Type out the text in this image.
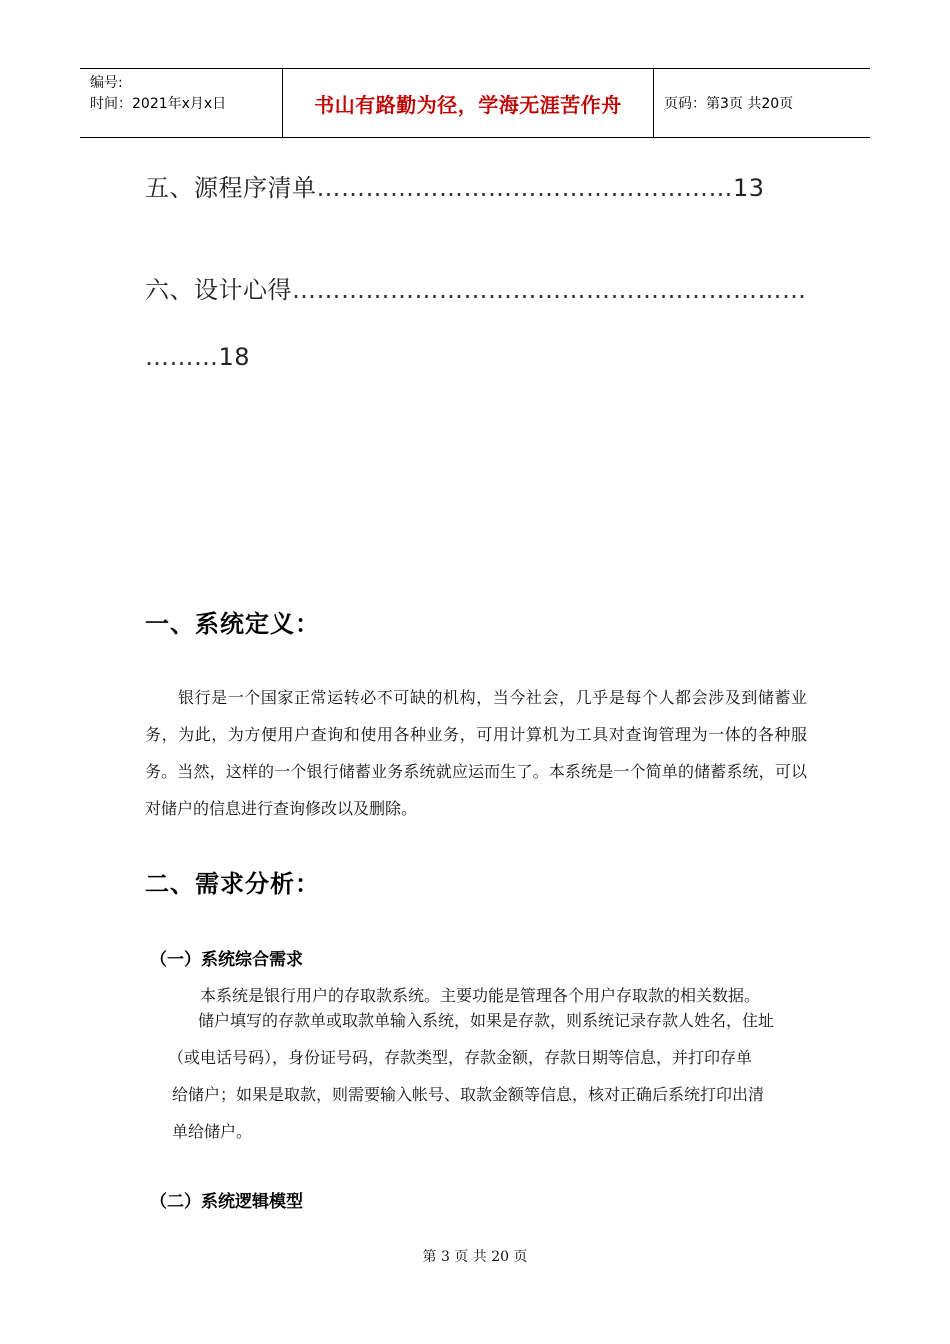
编号:
时间：2021年x月x日	书山有路勤为径，学海无涯苦作舟	页码：第3页 共20页
五、源程序清单……………………………………………13
六、设计心得………………………………………………………
………18
一、系统定义：
银行是一个国家正常运转必不可缺的机构，当今社会，几乎是每个人都会涉及到储蓄业务，为此，为方便用户查询和使用各种业务，可用计算机为工具对查询管理为一体的各种服务。当然，这样的一个银行储蓄业务系统就应运而生了。本系统是一个简单的储蓄系统，可以对储户的信息进行查询修改以及删除。
二、需求分析：
（一）系统综合需求
本系统是银行用户的存取款系统。主要功能是管理各个用户存取款的相关数据。
储户填写的存款单或取款单输入系统，如果是存款，则系统记录存款人姓名，住址
（或电话号码），身份证号码，存款类型，存款金额，存款日期等信息，并打印存单
给储户；如果是取款，则需要输入帐号、取款金额等信息，核对正确后系统打印出清
单给储户。
（二）系统逻辑模型
第 3 页 共 20 页
